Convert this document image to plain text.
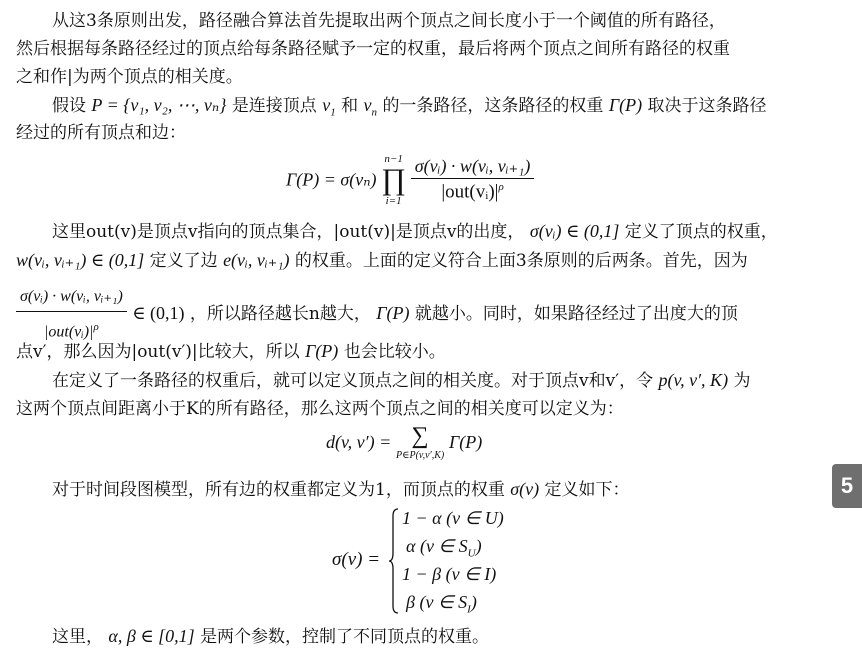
从这3条原则出发，路径融合算法首先提取出两个顶点之间长度小于一个阈值的所有路径，
然后根据每条路径经过的顶点给每条路径赋予一定的权重，最后将两个顶点之间所有路径的权重
之和作|为两个顶点的相关度。
假设 P = {v₁, v₂, ⋯, vₙ} 是连接顶点 $v_1$ 和 $v_n$ 的一条路径，这条路径的权重 Γ(P) 取决于这条路径
经过的所有顶点和边：
Γ(P) = σ(vₙ)
n−1
∏
i=1
$\frac{\text{σ(vᵢ) · w(vᵢ, vᵢ₊₁)}}{|out(vᵢ)|^\rho}$
这里out(v)是顶点v指向的顶点集合，|out(v)|是顶点v的出度， σ(vᵢ) ∈ (0,1] 定义了顶点的权重，
w(vᵢ, vᵢ₊₁) ∈ (0,1] 定义了边 e(vᵢ, vᵢ₊₁) 的权重。上面的定义符合上面3条原则的后两条。首先，因为
$\frac{\text{σ(vᵢ) · w(vᵢ, vᵢ₊₁)}}{|out(vᵢ)|^\rho}$ ∈ (0,1) ，所以路径越长n越大， Γ(P) 就越小。同时，如果路径经过了出度大的顶
点v′，那么因为|out(v′)|比较大，所以 Γ(P) 也会比较小。
在定义了一条路径的权重后，就可以定义顶点之间的相关度。对于顶点v和v′，令 p(v, v′, K) 为
这两个顶点间距离小于K的所有路径，那么这两个顶点之间的相关度可以定义为：
d(v, v′) = ∑
P∈P(v,v′,K)
Γ(P)
对于时间段图模型，所有边的权重都定义为1，而顶点的权重 σ(v) 定义如下：
σ(v) =
1 − α (v ∈ U)
α (v ∈ $S_U$)
1 − β (v ∈ I)
β (v ∈ $S_I$)
这里， α, β ∈ [0,1] 是两个参数，控制了不同顶点的权重。
5
